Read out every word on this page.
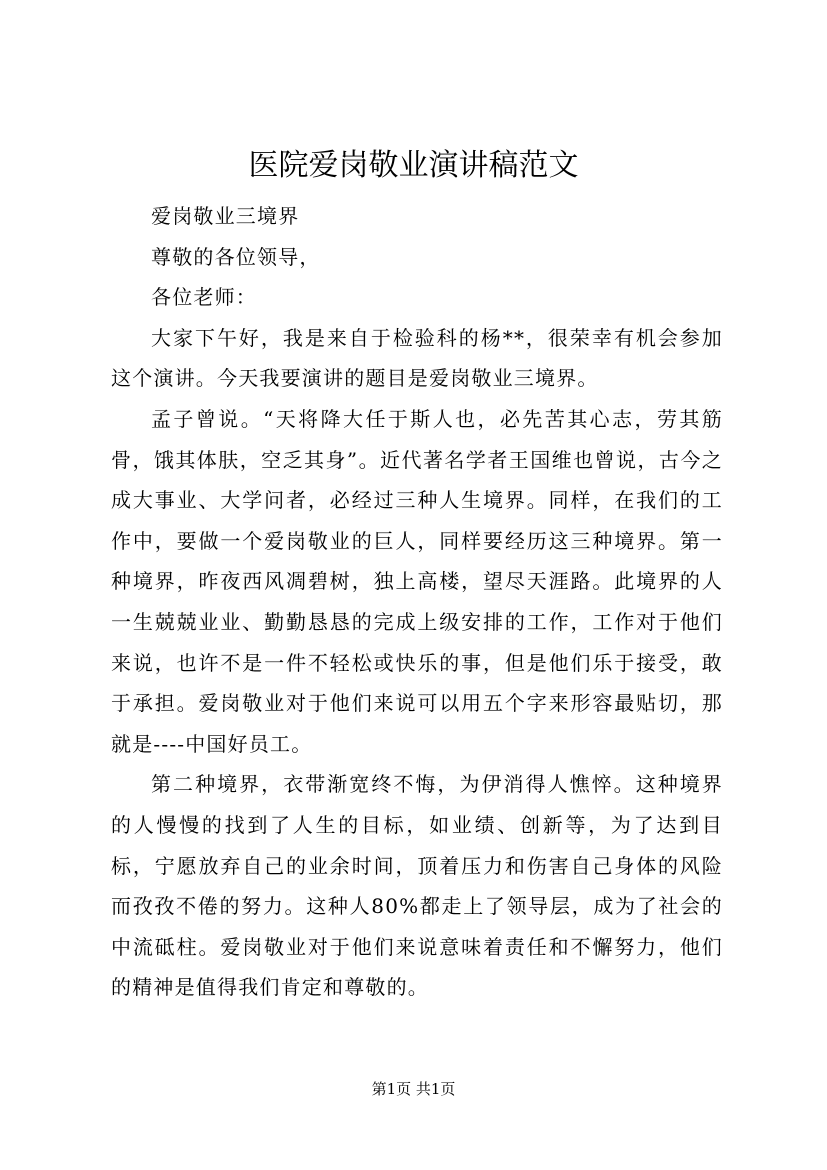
医院爱岗敬业演讲稿范文

爱岗敬业三境界

尊敬的各位领导，

各位老师：

大家下午好，我是来自于检验科的杨**，很荣幸有机会参加这个演讲。今天我要演讲的题目是爱岗敬业三境界。

孟子曾说。“天将降大任于斯人也，必先苦其心志，劳其筋骨，饿其体肤，空乏其身”。近代著名学者王国维也曾说，古今之成大事业、大学问者，必经过三种人生境界。同样，在我们的工作中，要做一个爱岗敬业的巨人，同样要经历这三种境界。第一种境界，昨夜西风凋碧树，独上高楼，望尽天涯路。此境界的人一生兢兢业业、勤勤恳恳的完成上级安排的工作，工作对于他们来说，也许不是一件不轻松或快乐的事，但是他们乐于接受，敢于承担。爱岗敬业对于他们来说可以用五个字来形容最贴切，那就是----中国好员工。

第二种境界，衣带渐宽终不悔，为伊消得人憔悴。这种境界的人慢慢的找到了人生的目标，如业绩、创新等，为了达到目标，宁愿放弃自己的业余时间，顶着压力和伤害自己身体的风险而孜孜不倦的努力。这种人80%都走上了领导层，成为了社会的中流砥柱。爱岗敬业对于他们来说意味着责任和不懈努力，他们的精神是值得我们肯定和尊敬的。

第1页 共1页
